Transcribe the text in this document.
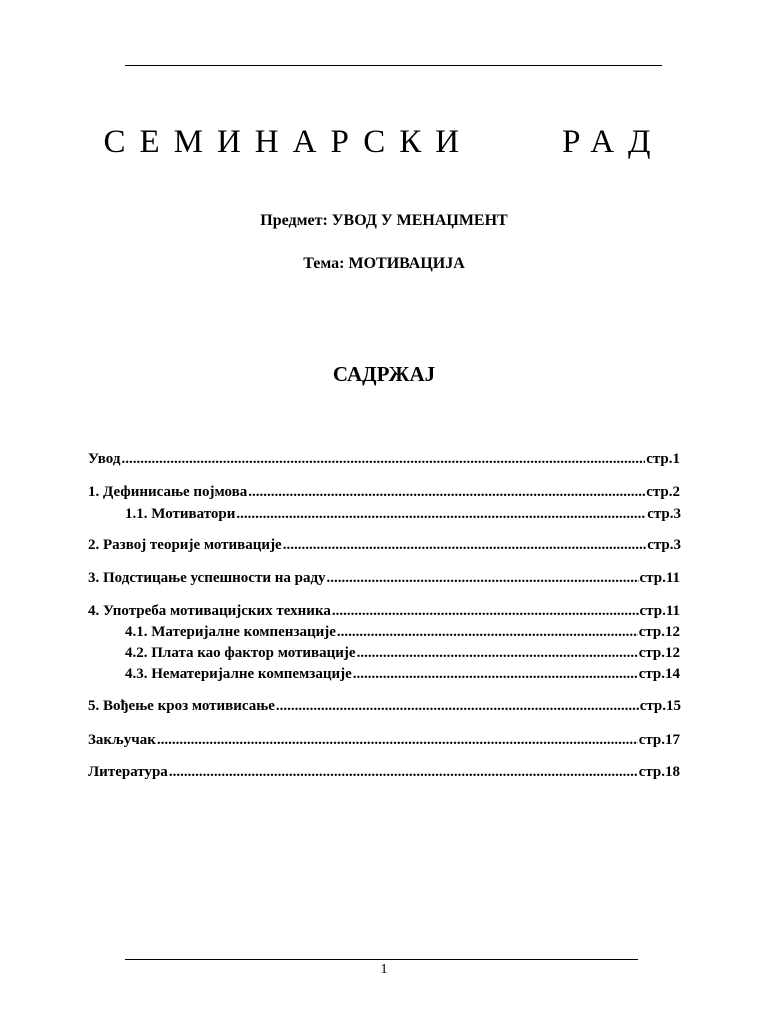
СЕМИНАРСКИ    РАД
Предмет: УВОД У МЕНАЏМЕНТ
Тема: МОТИВАЦИЈА
САДРЖАЈ
Увод .....	стр.1
1. Дефинисање појмова .....	стр.2
1.1. Мотиватори .....	стр.3
2. Развој теорије мотивације .....	стр.3
3. Подстицање успешности на раду .....	стр.11
4. Употреба мотивацијских техника .....	стр.11
4.1. Материјалне компензације .....	стр.12
4.2. Плата као фактор мотивације .....	стр.12
4.3. Нематеријалне компемзације .....	стр.14
5. Вођење кроз мотивисање .....	стр.15
Закључак .....	стр.17
Литература .....	стр.18
1
